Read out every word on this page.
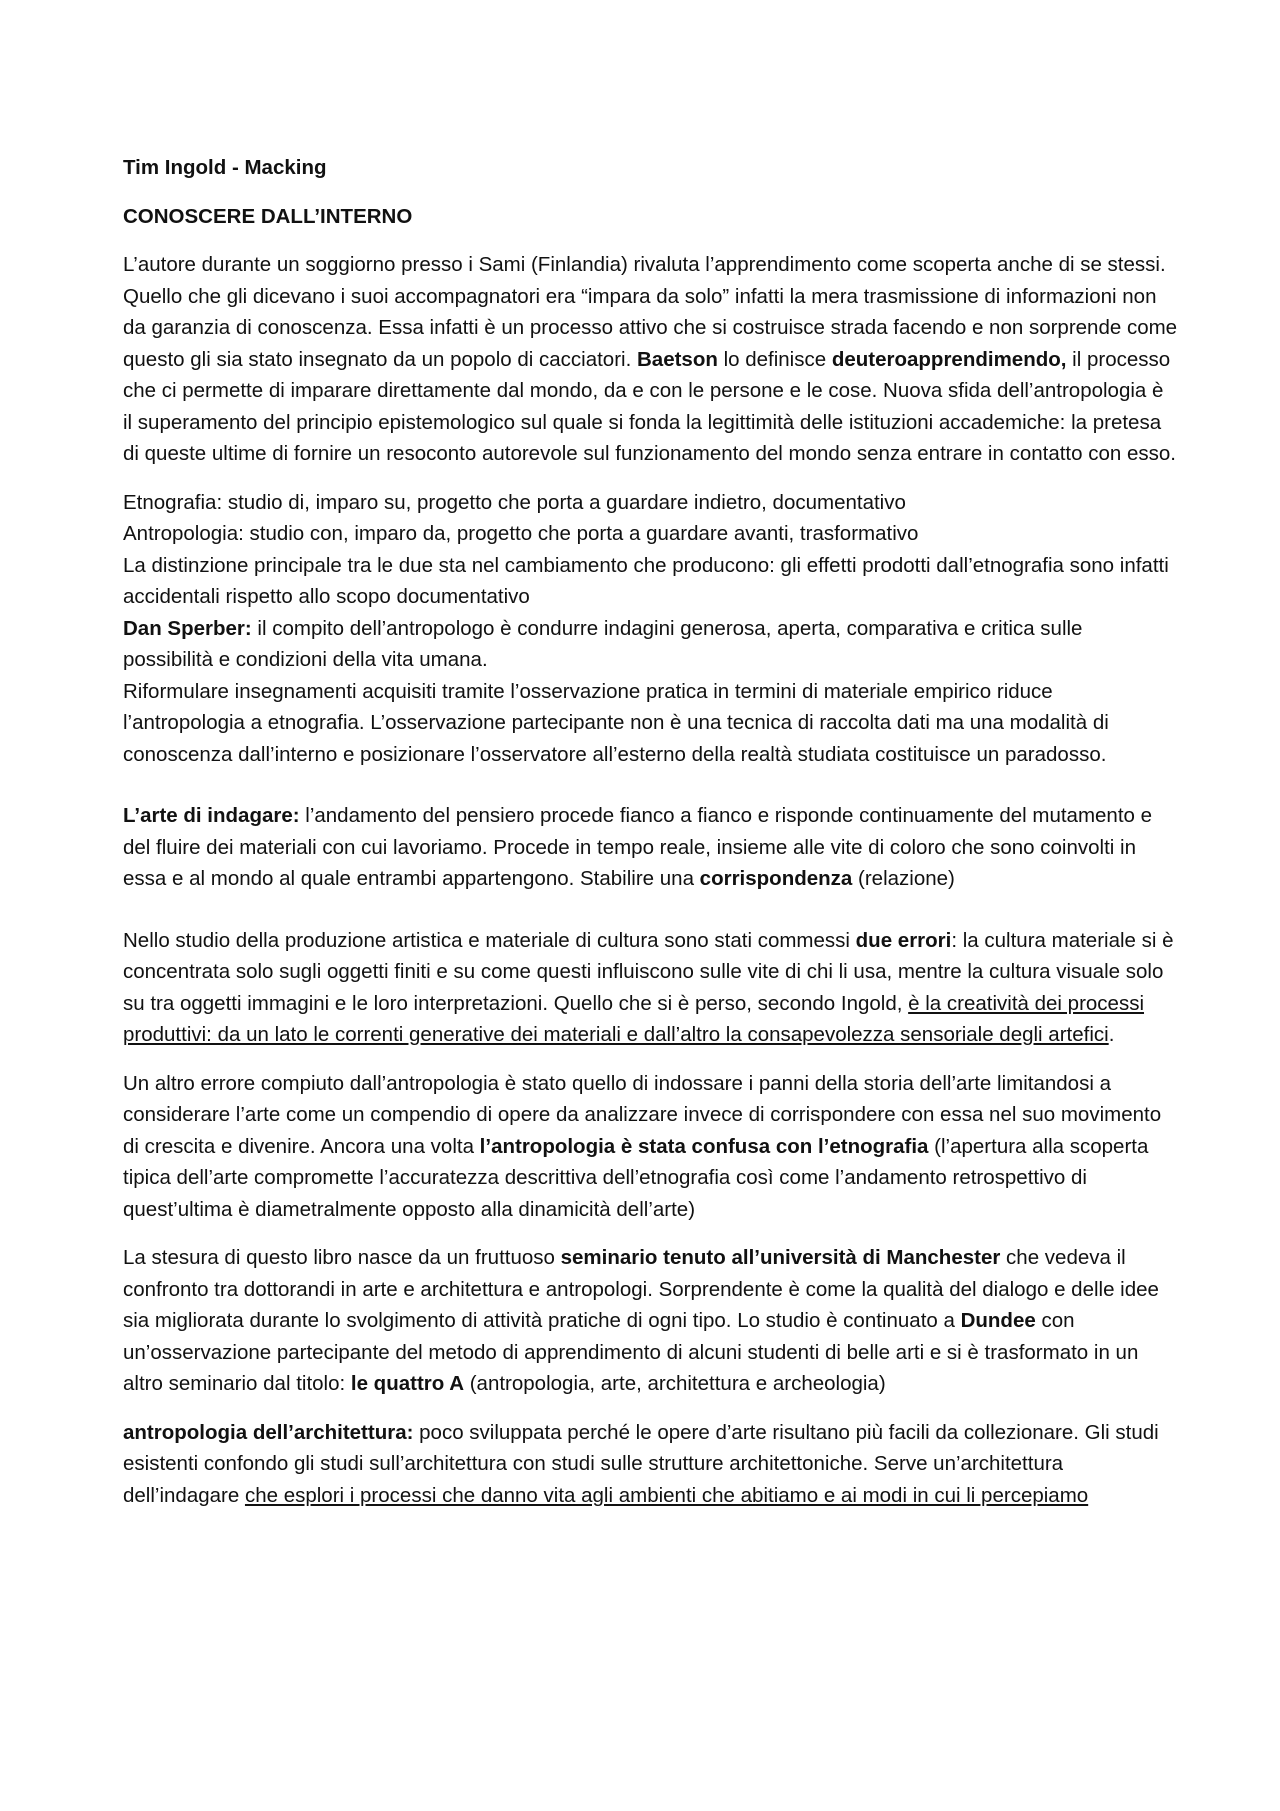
Tim Ingold - Macking

CONOSCERE DALL’INTERNO

L’autore durante un soggiorno presso i Sami (Finlandia) rivaluta l’apprendimento come scoperta anche di se stessi. Quello che gli dicevano i suoi accompagnatori era “impara da solo” infatti la mera trasmissione di informazioni non da garanzia di conoscenza. Essa infatti è un processo attivo che si costruisce strada facendo e non sorprende come questo gli sia stato insegnato da un popolo di cacciatori. Baetson lo definisce deuteroapprendimendo, il processo che ci permette di imparare direttamente dal mondo, da e con le persone e le cose. Nuova sfida dell’antropologia è il superamento del principio epistemologico sul quale si fonda la legittimità delle istituzioni accademiche: la pretesa di queste ultime di fornire un resoconto autorevole sul funzionamento del mondo senza entrare in contatto con esso.

Etnografia: studio di, imparo su, progetto che porta a guardare indietro, documentativo

Antropologia: studio con, imparo da, progetto che porta a guardare avanti, trasformativo

La distinzione principale tra le due sta nel cambiamento che producono: gli effetti prodotti dall’etnografia sono infatti accidentali rispetto allo scopo documentativo

Dan Sperber: il compito dell’antropologo è condurre indagini generosa, aperta, comparativa e critica sulle possibilità e condizioni della vita umana.

Riformulare insegnamenti acquisiti tramite l’osservazione pratica in termini di materiale empirico riduce l’antropologia a etnografia. L’osservazione partecipante non è una tecnica di raccolta dati ma una modalità di conoscenza dall’interno e posizionare l’osservatore all’esterno della realtà studiata costituisce un paradosso.

L’arte di indagare: l’andamento del pensiero procede fianco a fianco e risponde continuamente del mutamento e del fluire dei materiali con cui lavoriamo. Procede in tempo reale, insieme alle vite di coloro che sono coinvolti in essa e al mondo al quale entrambi appartengono. Stabilire una corrispondenza (relazione)

Nello studio della produzione artistica e materiale di cultura sono stati commessi due errori: la cultura materiale si è concentrata solo sugli oggetti finiti e su come questi influiscono sulle vite di chi li usa, mentre la cultura visuale solo su tra oggetti immagini e le loro interpretazioni. Quello che si è perso, secondo Ingold, è la creatività dei processi produttivi: da un lato le correnti generative dei materiali e dall’altro la consapevolezza sensoriale degli artefici.

Un altro errore compiuto dall’antropologia è stato quello di indossare i panni della storia dell’arte limitandosi a considerare l’arte come un compendio di opere da analizzare invece di corrispondere con essa nel suo movimento di crescita e divenire. Ancora una volta l’antropologia è stata confusa con l’etnografia (l’apertura alla scoperta tipica dell’arte compromette l’accuratezza descrittiva dell’etnografia così come l’andamento retrospettivo di quest’ultima è diametralmente opposto alla dinamicità dell’arte)

La stesura di questo libro nasce da un fruttuoso seminario tenuto all’università di Manchester che vedeva il confronto tra dottorandi in arte e architettura e antropologi. Sorprendente è come la qualità del dialogo e delle idee sia migliorata durante lo svolgimento di attività pratiche di ogni tipo. Lo studio è continuato a Dundee con un’osservazione partecipante del metodo di apprendimento di alcuni studenti di belle arti e si è trasformato in un altro seminario dal titolo: le quattro A (antropologia, arte, architettura e archeologia)

antropologia dell’architettura: poco sviluppata perché le opere d’arte risultano più facili da collezionare. Gli studi esistenti confondo gli studi sull’architettura con studi sulle strutture architettoniche. Serve un’architettura dell’indagare che esplori i processi che danno vita agli ambienti che abitiamo e ai modi in cui li percepiamo
